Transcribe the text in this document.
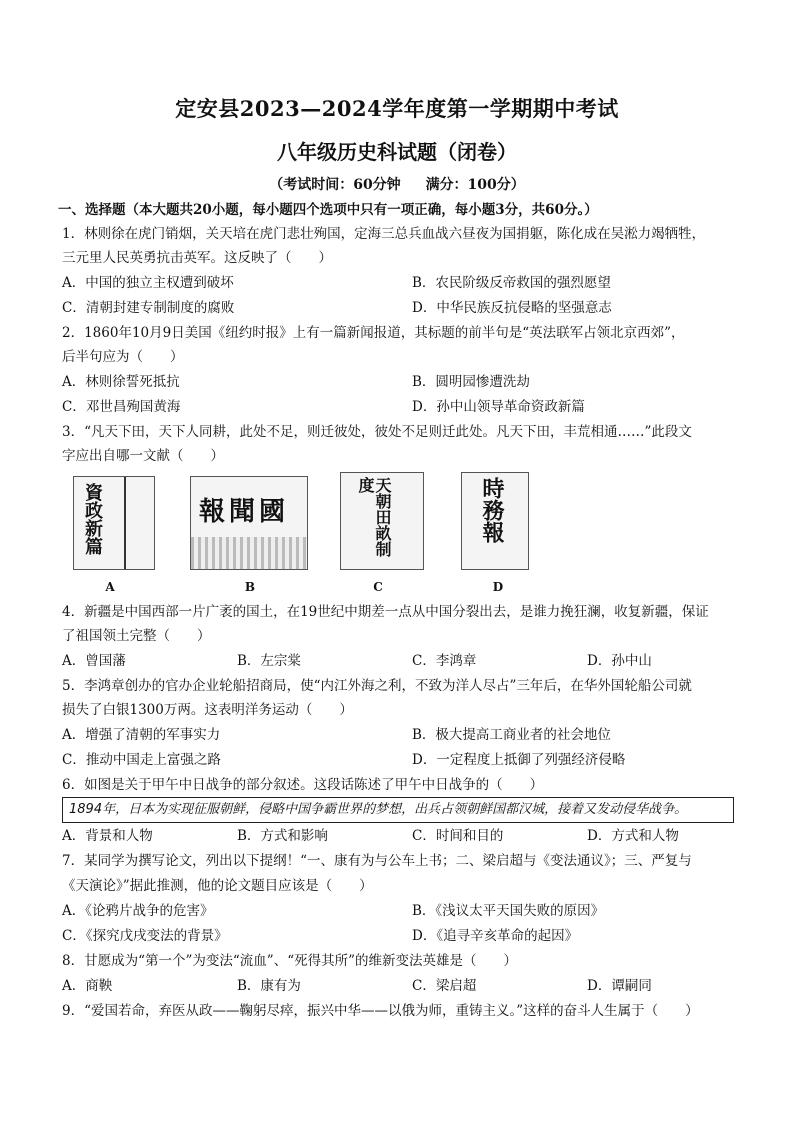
定安县2023—2024学年度第一学期期中考试
八年级历史科试题（闭卷）
（考试时间：60分钟 满分：100分）
一、选择题（本大题共20小题，每小题四个选项中只有一项正确，每小题3分，共60分。）
1．林则徐在虎门销烟，关天培在虎门悲壮殉国，定海三总兵血战六昼夜为国捐躯，陈化成在吴淞力竭牺牲，
三元里人民英勇抗击英军。这反映了（　　）
A．中国的独立主权遭到破坏	B．农民阶级反帝救国的强烈愿望
C．清朝封建专制制度的腐败	D．中华民族反抗侵略的坚强意志
2．1860年10月9日美国《纽约时报》上有一篇新闻报道，其标题的前半句是“英法联军占领北京西郊”，
后半句应为（　　）
A．林则徐誓死抵抗	B．圆明园惨遭洗劫
C．邓世昌殉国黄海	D．孙中山领导革命资政新篇
3．“凡天下田，天下人同耕，此处不足，则迁彼处，彼处不足则迁此处。凡天下田，丰荒相通……”此段文
字应出自哪一文献（　　）
資政新篇	國聞報	天朝田畝制度	時務報
A	B	C	D
4．新疆是中国西部一片广袤的国土，在19世纪中期差一点从中国分裂出去，是谁力挽狂澜，收复新疆，保证
了祖国领土完整（　　）
A．曾国藩	B．左宗棠	C．李鸿章	D．孙中山
5．李鸿章创办的官办企业轮船招商局，使“内江外海之利，不致为洋人尽占”三年后，在华外国轮船公司就
损失了白银1300万两。这表明洋务运动（　　）
A．增强了清朝的军事实力	B．极大提高工商业者的社会地位
C．推动中国走上富强之路	D．一定程度上抵御了列强经济侵略
6．如图是关于甲午中日战争的部分叙述。这段话陈述了甲午中日战争的（　　）
1894年，日本为实现征服朝鲜，侵略中国争霸世界的梦想，出兵占领朝鲜国都汉城，接着又发动侵华战争。
A．背景和人物	B．方式和影响	C．时间和目的	D．方式和人物
7．某同学为撰写论文，列出以下提纲！“一、康有为与公车上书；二、梁启超与《变法通议》；三、严复与
《天演论》”据此推测，他的论文题目应该是（　　）
A．《论鸦片战争的危害》	B．《浅议太平天国失败的原因》
C．《探究戊戌变法的背景》	D．《追寻辛亥革命的起因》
8．甘愿成为“第一个”为变法“流血”、“死得其所”的维新变法英雄是（　　）
A．商鞅	B．康有为	C．梁启超	D．谭嗣同
9．“爱国若命，弃医从政——鞠躬尽瘁，振兴中华——以俄为师，重铸主义。”这样的奋斗人生属于（　　）
